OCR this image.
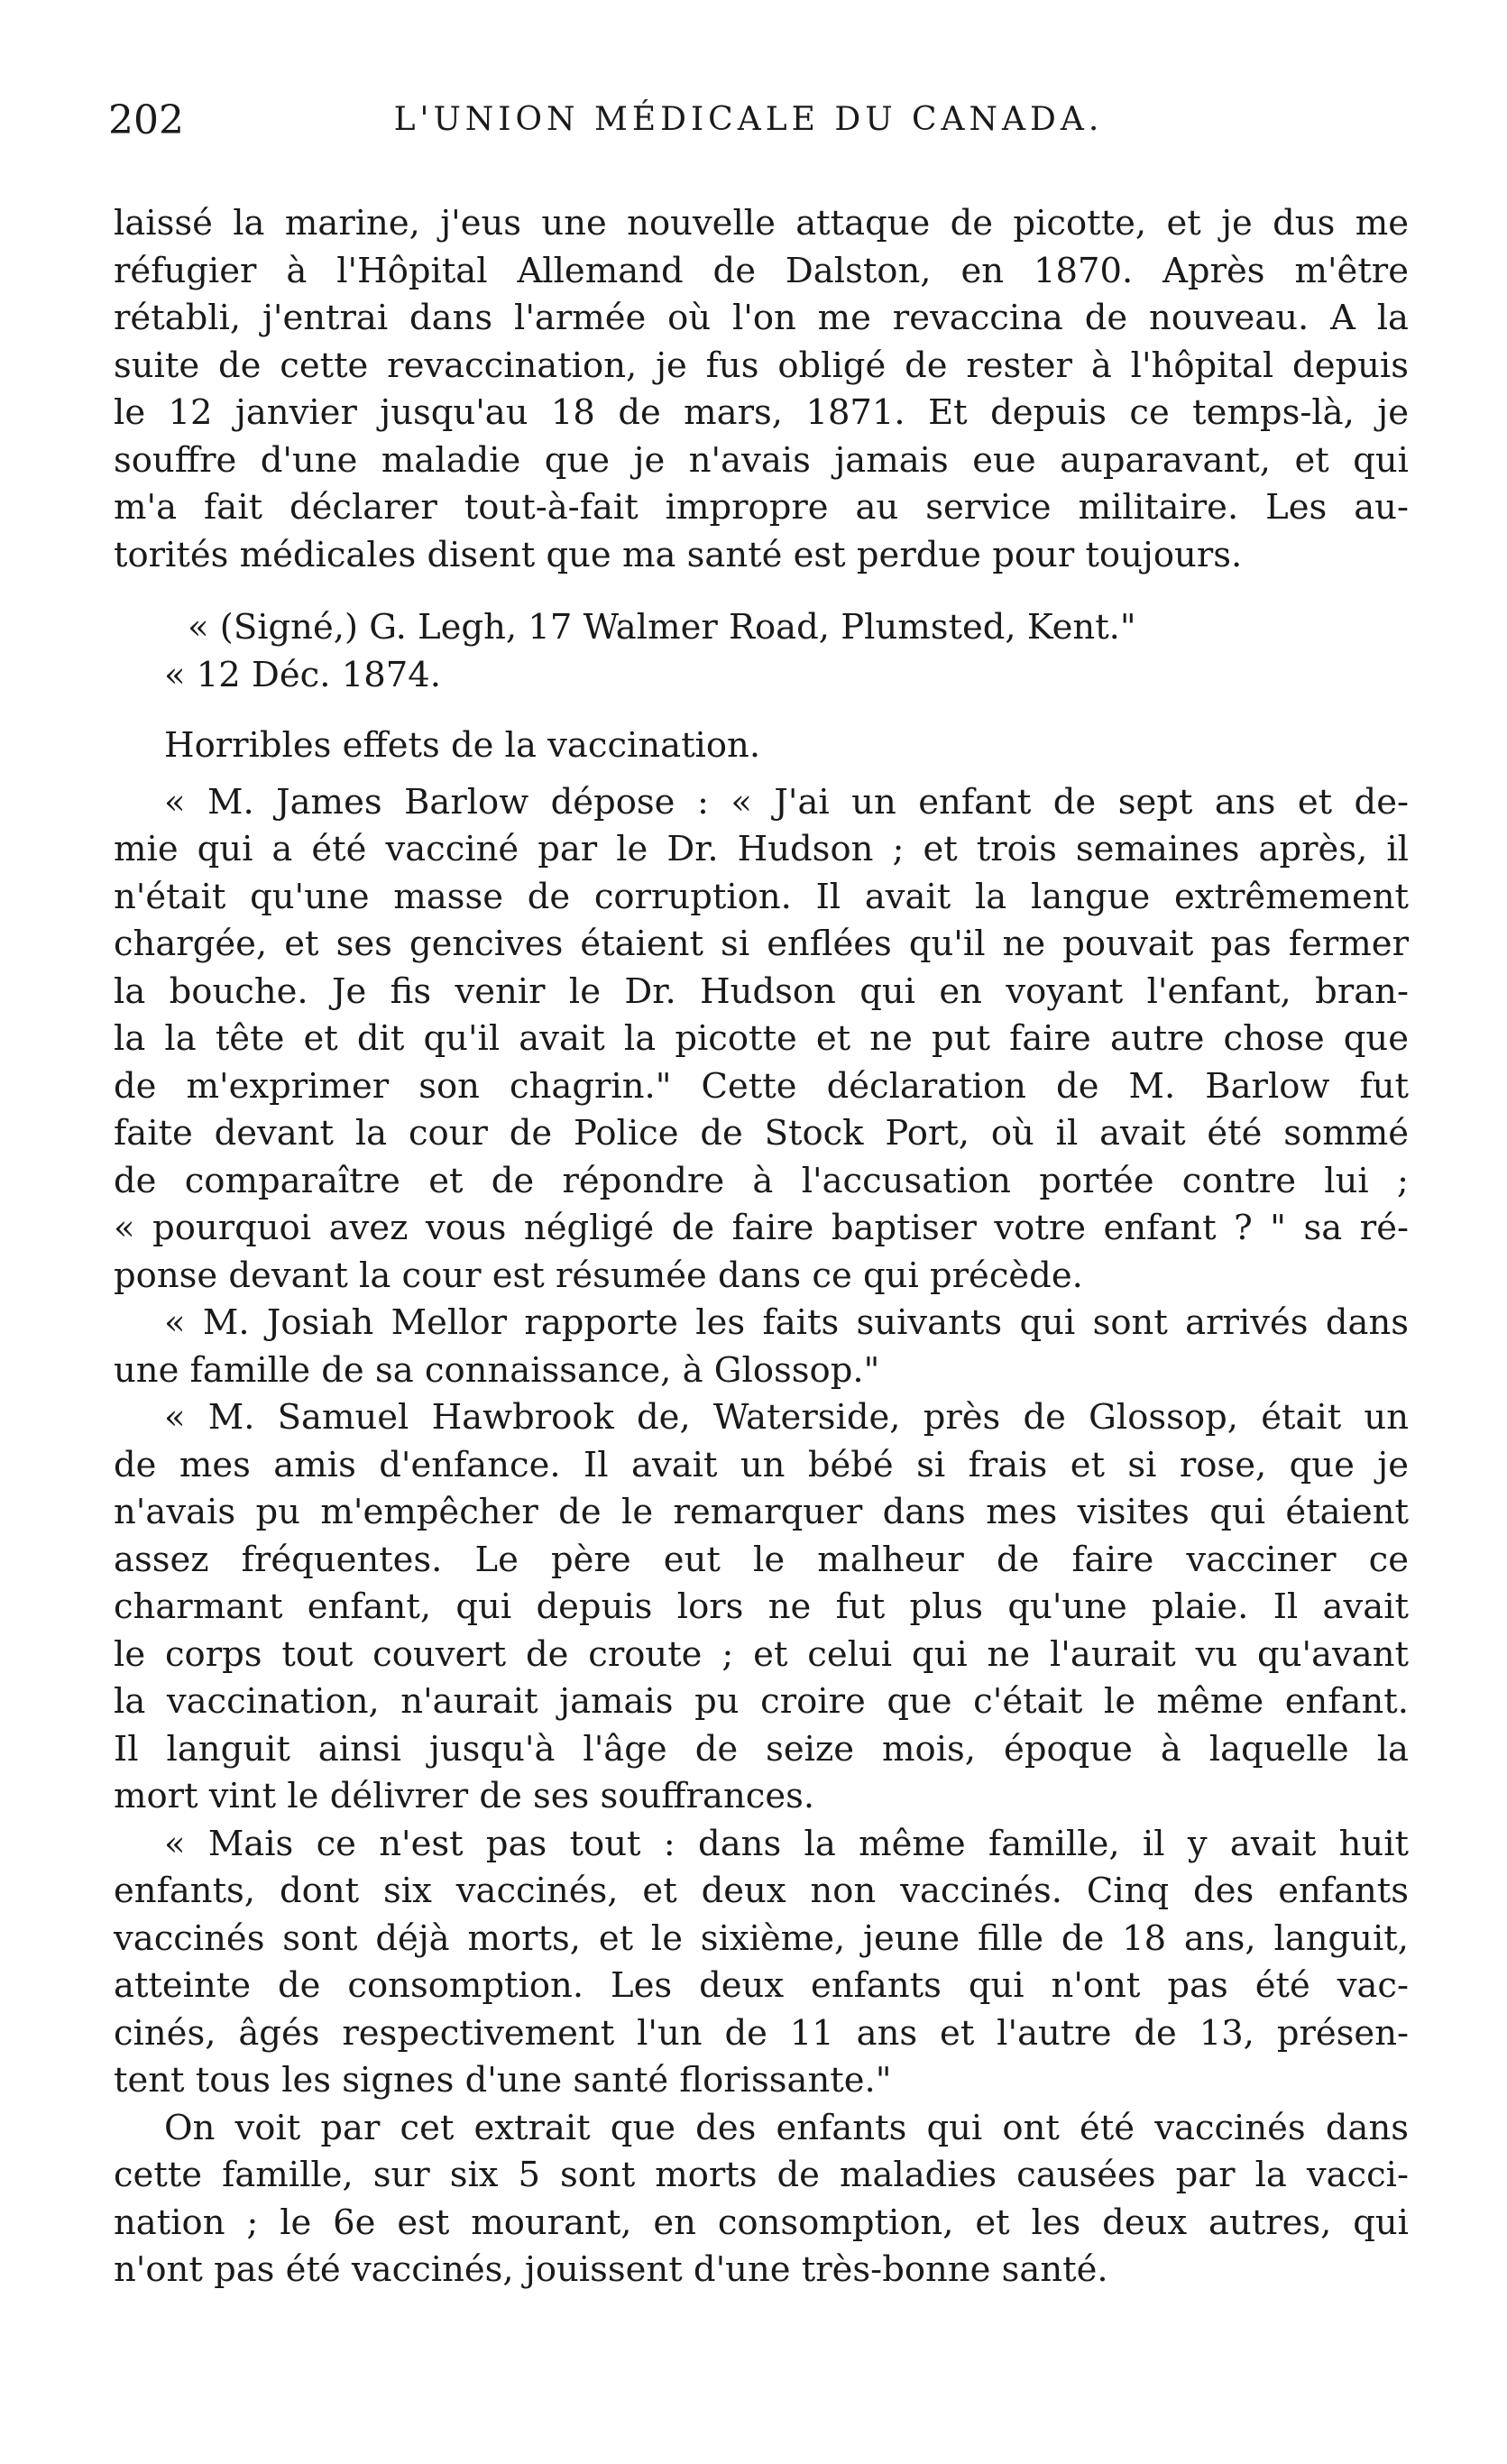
202	L'UNION MÉDICALE DU CANADA.
laissé la marine, j'eus une nouvelle attaque de picotte, et je dus me
réfugier à l'Hôpital Allemand de Dalston, en 1870. Après m'être
rétabli, j'entrai dans l'armée où l'on me revaccina de nouveau. A la
suite de cette revaccination, je fus obligé de rester à l'hôpital depuis
le 12 janvier jusqu'au 18 de mars, 1871. Et depuis ce temps-là, je
souffre d'une maladie que je n'avais jamais eue auparavant, et qui
m'a fait déclarer tout-à-fait impropre au service militaire. Les au-
torités médicales disent que ma santé est perdue pour toujours.
« (Signé,) G. Legh, 17 Walmer Road, Plumsted, Kent."
« 12 Déc. 1874.
Horribles effets de la vaccination.
« M. James Barlow dépose : « J'ai un enfant de sept ans et de-
mie qui a été vacciné par le Dr. Hudson ; et trois semaines après, il
n'était qu'une masse de corruption. Il avait la langue extrêmement
chargée, et ses gencives étaient si enflées qu'il ne pouvait pas fermer
la bouche. Je fis venir le Dr. Hudson qui en voyant l'enfant, bran-
la la tête et dit qu'il avait la picotte et ne put faire autre chose que
de m'exprimer son chagrin." Cette déclaration de M. Barlow fut
faite devant la cour de Police de Stock Port, où il avait été sommé
de comparaître et de répondre à l'accusation portée contre lui ;
« pourquoi avez vous négligé de faire baptiser votre enfant ? " sa ré-
ponse devant la cour est résumée dans ce qui précède.
« M. Josiah Mellor rapporte les faits suivants qui sont arrivés dans
une famille de sa connaissance, à Glossop."
« M. Samuel Hawbrook de, Waterside, près de Glossop, était un
de mes amis d'enfance. Il avait un bébé si frais et si rose, que je
n'avais pu m'empêcher de le remarquer dans mes visites qui étaient
assez fréquentes. Le père eut le malheur de faire vacciner ce
charmant enfant, qui depuis lors ne fut plus qu'une plaie. Il avait
le corps tout couvert de croute ; et celui qui ne l'aurait vu qu'avant
la vaccination, n'aurait jamais pu croire que c'était le même enfant.
Il languit ainsi jusqu'à l'âge de seize mois, époque à laquelle la
mort vint le délivrer de ses souffrances.
« Mais ce n'est pas tout : dans la même famille, il y avait huit
enfants, dont six vaccinés, et deux non vaccinés. Cinq des enfants
vaccinés sont déjà morts, et le sixième, jeune fille de 18 ans, languit,
atteinte de consomption. Les deux enfants qui n'ont pas été vac-
cinés, âgés respectivement l'un de 11 ans et l'autre de 13, présen-
tent tous les signes d'une santé florissante."
On voit par cet extrait que des enfants qui ont été vaccinés dans
cette famille, sur six 5 sont morts de maladies causées par la vacci-
nation ; le 6e est mourant, en consomption, et les deux autres, qui
n'ont pas été vaccinés, jouissent d'une très-bonne santé.
